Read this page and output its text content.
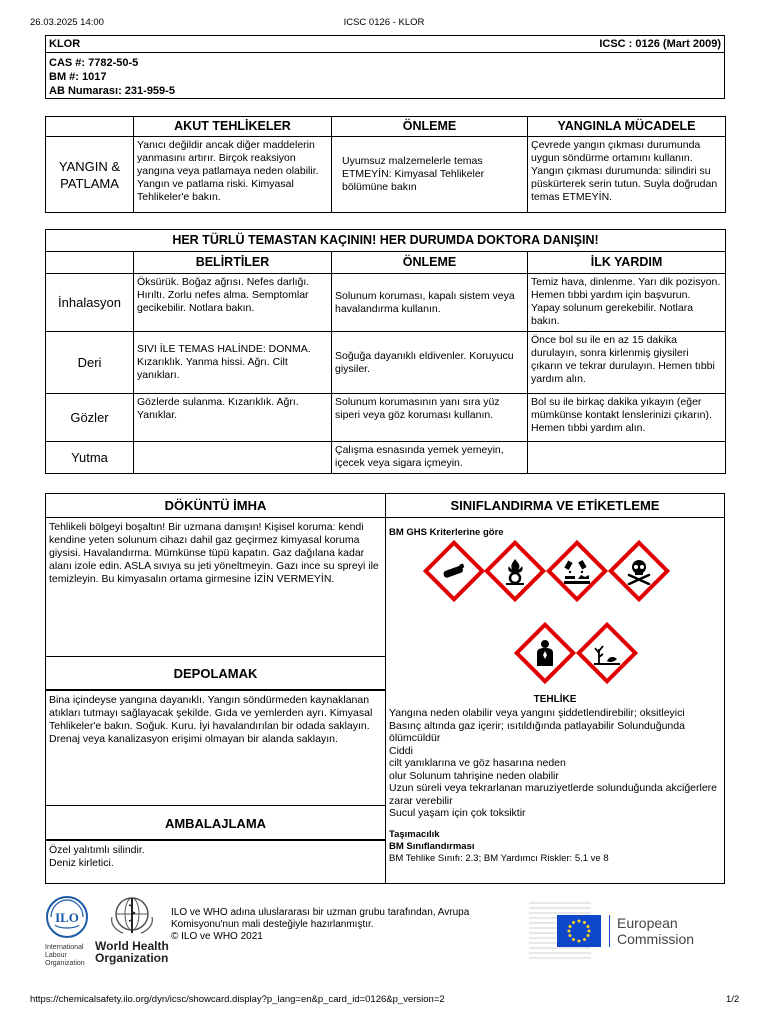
26.03.2025 14:00	ICSC 0126 - KLOR
KLOR	ICSC : 0126 (Mart 2009)
CAS #: 7782-50-5
BM #: 1017
AB Numarası: 231-959-5
	AKUT TEHLİKELER	ÖNLEME	YANGINLA MÜCADELE

YANGIN & PATLAMA	Yanıcı değildir ancak diğer maddelerin yanmasını artırır. Birçok reaksiyon yangına veya patlamaya neden olabilir. Yangın ve patlama riski. Kimyasal Tehlikeler'e bakın.	Uyumsuz malzemelerle temas ETMEYİN: Kimyasal Tehlikeler bölümüne bakın	Çevrede yangın çıkması durumunda uygun söndürme ortamını kullanın. Yangın çıkması durumunda: silindiri su püskürterek serin tutun. Suyla doğrudan temas ETMEYİN.
HER TÜRLÜ TEMASTAN KAÇININ! HER DURUMDA DOKTORA DANIŞIN!			
	BELİRTİLER	ÖNLEME	İLK YARDIM
İnhalasyon	Öksürük. Boğaz ağrısı. Nefes darlığı. Hırıltı. Zorlu nefes alma. Semptomlar gecikebilir. Notlara bakın.	Solunum koruması, kapalı sistem veya havalandırma kullanın.	Temiz hava, dinlenme. Yarı dik pozisyon. Hemen tıbbi yardım için başvurun. Yapay solunum gerekebilir. Notlara bakın.
Deri	SIVI İLE TEMAS HALİNDE: DONMA. Kızarıklık. Yanma hissi. Ağrı. Cilt yanıkları.	Soğuğa dayanıklı eldivenler. Koruyucu giysiler.	Önce bol su ile en az 15 dakika durulayın, sonra kirlenmiş giysileri çıkarın ve tekrar durulayın. Hemen tıbbi yardım alın.
Gözler	Gözlerde sulanma. Kızarıklık. Ağrı. Yanıklar.	Solunum korumasının yanı sıra yüz siperi veya göz koruması kullanın.	Bol su ile birkaç dakika yıkayın (eğer mümkünse kontakt lenslerinizi çıkarın). Hemen tıbbi yardım alın.
Yutma		Çalışma esnasında yemek yemeyin, içecek veya sigara içmeyin.	
DÖKÜNTÜ İMHA
Tehlikeli bölgeyi boşaltın! Bir uzmana danışın! Kişisel koruma: kendi kendine yeten solunum cihazı dahil gaz geçirmez kimyasal koruma giysisi. Havalandırma. Mümkünse tüpü kapatın. Gaz dağılana kadar alanı izole edin. ASLA sıvıya su jeti yöneltmeyin. Gazı ince su spreyi ile temizleyin. Bu kimyasalın ortama girmesine İZİN VERMEYİN.
DEPOLAMAK
Bina içindeyse yangına dayanıklı. Yangın söndürmeden kaynaklanan atıkları tutmayı sağlayacak şekilde. Gıda ve yemlerden ayrı. Kimyasal Tehlikeler'e bakın. Soğuk. Kuru. İyi havalandırılan bir odada saklayın. Drenaj veya kanalizasyon erişimi olmayan bir alanda saklayın.
AMBALAJLAMA
Özel yalıtımlı silindir.
Deniz kirletici.
SINIFLANDIRMA VE ETİKETLEME
BM GHS Kriterlerine göre
TEHLİKE
Yangına neden olabilir veya yangını şiddetlendirebilir; oksitleyici
Basınç altında gaz içerir; ısıtıldığında patlayabilir Solunduğunda ölümcüldür
Ciddi
cilt yanıklarına ve göz hasarına neden
olur Solunum tahrişine neden olabilir
Uzun süreli veya tekrarlanan maruziyetlerde solunduğunda akciğerlere zarar verebilir
Sucul yaşam için çok toksiktir
Taşımacılık
BM Sınıflandırması
BM Tehlike Sınıfı: 2.3; BM Yardımcı Riskler: 5.1 ve 8
ILO
International
Labour
Organization
World Health
Organization
ILO ve WHO adına uluslararası bir uzman grubu tarafından, Avrupa Komisyonu'nun mali desteğiyle hazırlanmıştır.
© ILO ve WHO 2021
European
Commission
https://chemicalsafety.ilo.org/dyn/icsc/showcard.display?p_lang=en&p_card_id=0126&p_version=2	1/2
